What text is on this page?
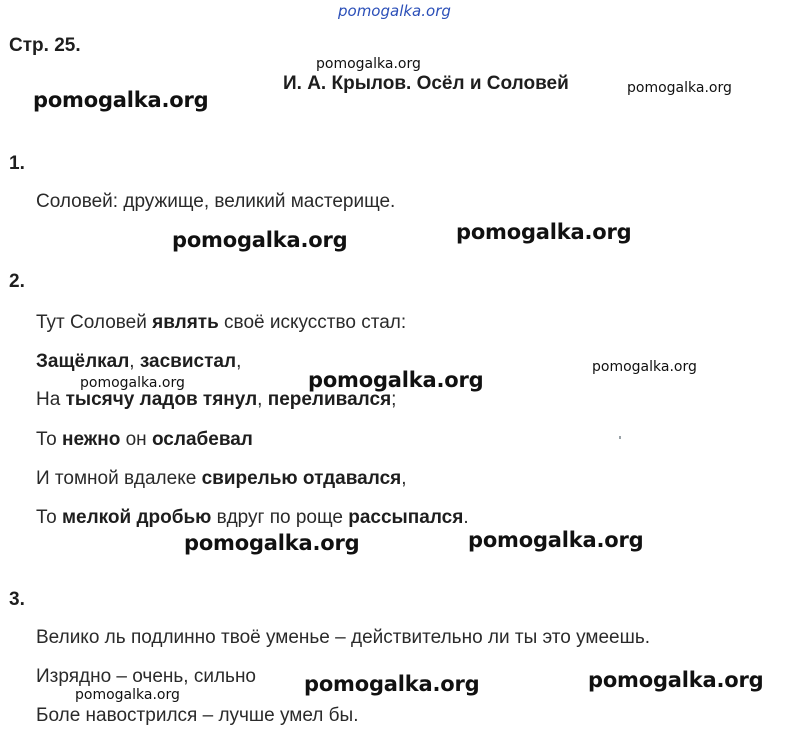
pomogalka.org
Стр. 25.
pomogalka.org
И. А. Крылов. Осёл и Соловей	pomogalka.org
pomogalka.org
1.
Соловей: дружище, великий мастерище.
pomogalka.org	pomogalka.org
2.
Тут Соловей являть своё искусство стал:
Защёлкал, засвистал,	pomogalka.org
pomogalka.org	pomogalka.org
На тысячу ладов тянул, переливался;
То нежно он ослабевал
И томной вдалеке свирелью отдавался,
То мелкой дробью вдруг по роще рассыпался.
pomogalka.org	pomogalka.org
3.
Велико ль подлинно твоё уменье – действительно ли ты это умеешь.
Изрядно – очень, сильно pomogalka.org	pomogalka.org
pomogalka.org
Боле навострился – лучше умел бы.
